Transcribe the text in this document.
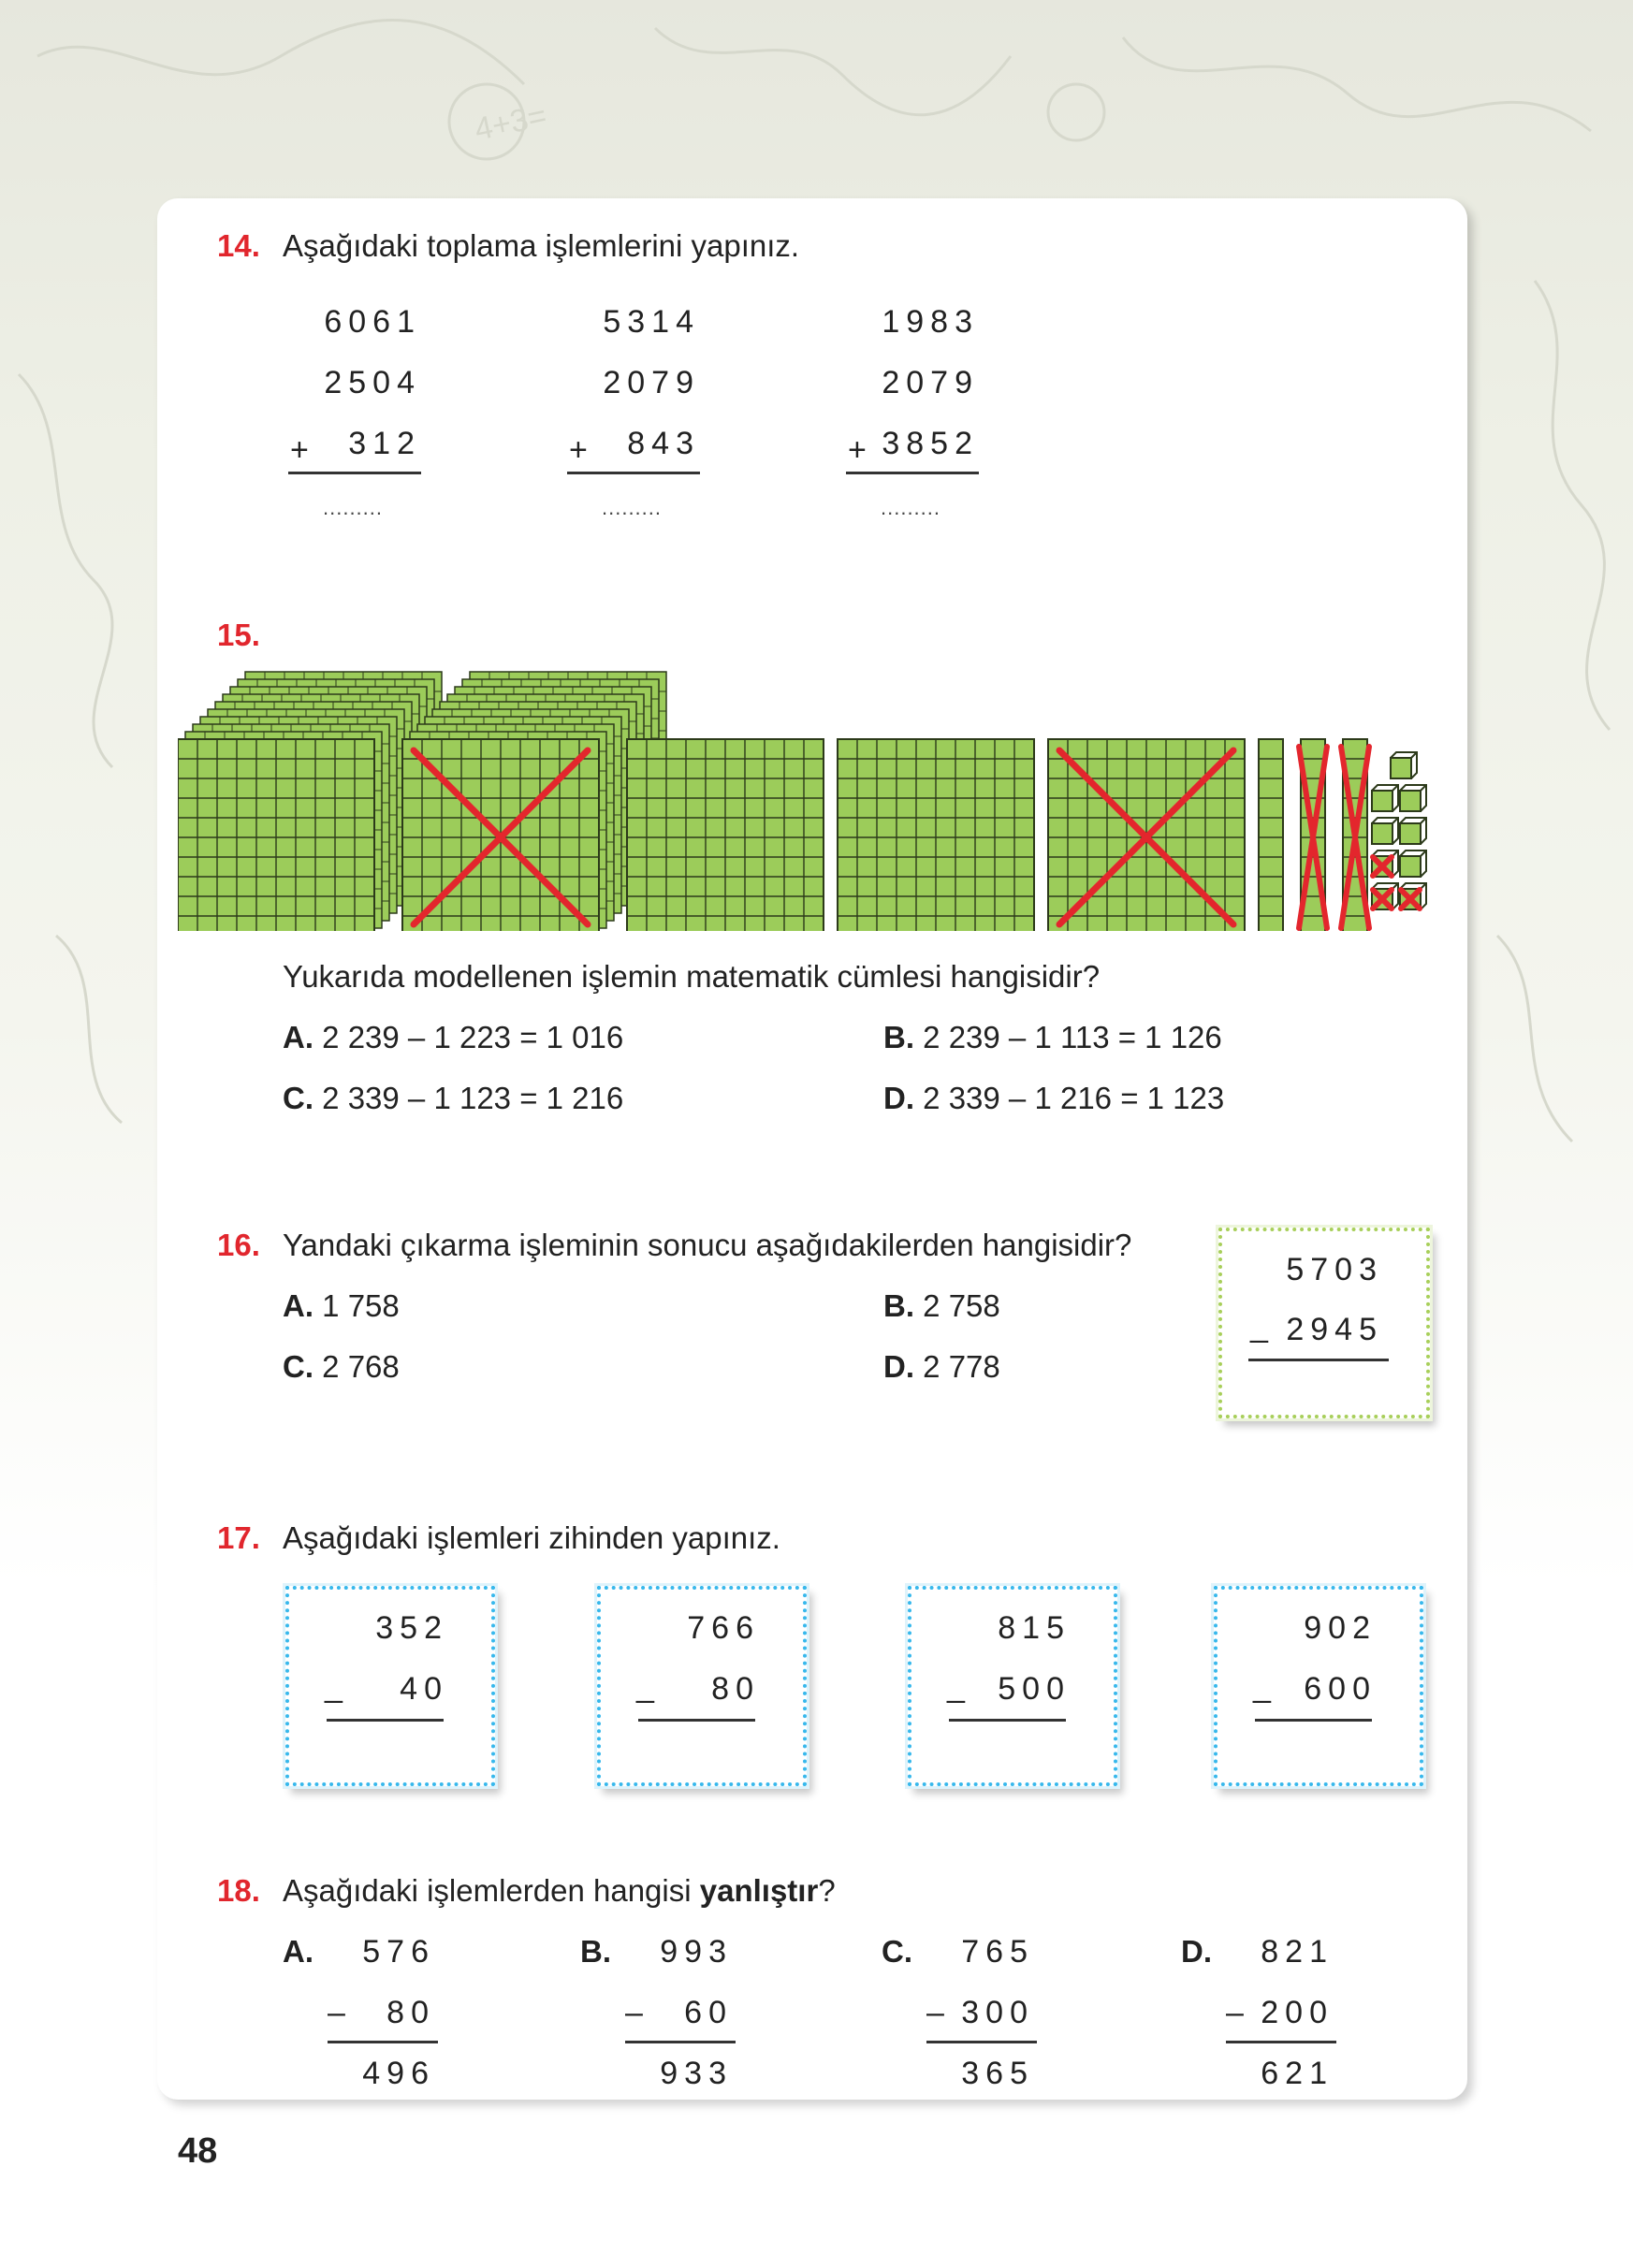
4+3=
14. Aşağıdaki toplama işlemlerini yapınız.
6061
2504
+	312
.........
5314
2079
+	843
.........
1983
2079
+ 3852
.........
15.
Yukarıda modellenen işlemin matematik cümlesi hangisidir?
A. 2 239 – 1 223 = 1 016	B. 2 239 – 1 113 = 1 126
C. 2 339 – 1 123 = 1 216	D. 2 339 – 1 216 = 1 123
16. Yandaki çıkarma işleminin sonucu aşağıdakilerden hangisidir?
A. 1 758	B. 2 758
C. 2 768	D. 2 778
5703
_ 2945
17. Aşağıdaki işlemleri zihinden yapınız.
352
_	40
766
_	80
815
_	500
902
_	600
18. Aşağıdaki işlemlerden hangisi yanlıştır?
A.	576
–	80
496
B.	993
–	60
933
C.	765
– 300
365
D.	821
– 200
621
48
